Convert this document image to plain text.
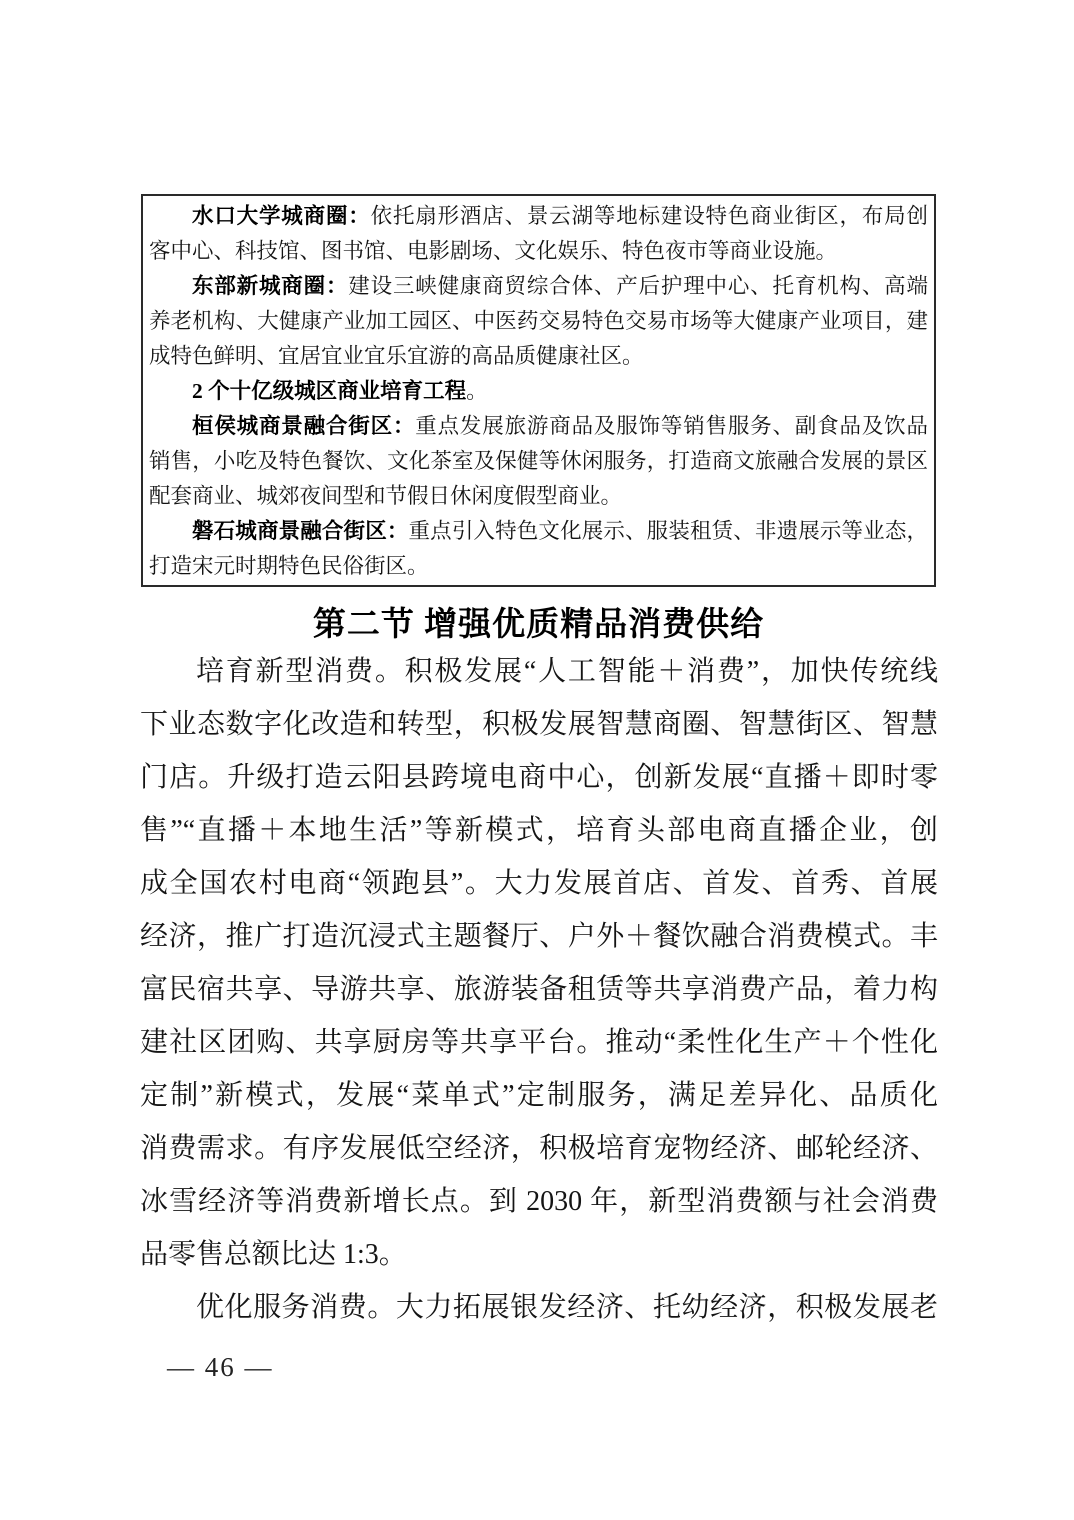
水口大学城商圈：依托扇形酒店、景云湖等地标建设特色商业街区，布局创
客中心、科技馆、图书馆、电影剧场、文化娱乐、特色夜市等商业设施。
东部新城商圈：建设三峡健康商贸综合体、产后护理中心、托育机构、高端
养老机构、大健康产业加工园区、中医药交易特色交易市场等大健康产业项目，建
成特色鲜明、宜居宜业宜乐宜游的高品质健康社区。
2 个十亿级城区商业培育工程。
桓侯城商景融合街区：重点发展旅游商品及服饰等销售服务、副食品及饮品
销售，小吃及特色餐饮、文化茶室及保健等休闲服务，打造商文旅融合发展的景区
配套商业、城郊夜间型和节假日休闲度假型商业。
磐石城商景融合街区：重点引入特色文化展示、服装租赁、非遗展示等业态，
打造宋元时期特色民俗街区。
第二节 增强优质精品消费供给
培育新型消费。积极发展“人工智能＋消费”，加快传统线
下业态数字化改造和转型，积极发展智慧商圈、智慧街区、智慧
门店。升级打造云阳县跨境电商中心，创新发展“直播＋即时零
售”“直播＋本地生活”等新模式，培育头部电商直播企业，创
成全国农村电商“领跑县”。大力发展首店、首发、首秀、首展
经济，推广打造沉浸式主题餐厅、户外＋餐饮融合消费模式。丰
富民宿共享、导游共享、旅游装备租赁等共享消费产品，着力构
建社区团购、共享厨房等共享平台。推动“柔性化生产＋个性化
定制”新模式，发展“菜单式”定制服务，满足差异化、品质化
消费需求。有序发展低空经济，积极培育宠物经济、邮轮经济、
冰雪经济等消费新增长点。到 2030 年，新型消费额与社会消费
品零售总额比达 1:3。
优化服务消费。大力拓展银发经济、托幼经济，积极发展老
— 46 —
